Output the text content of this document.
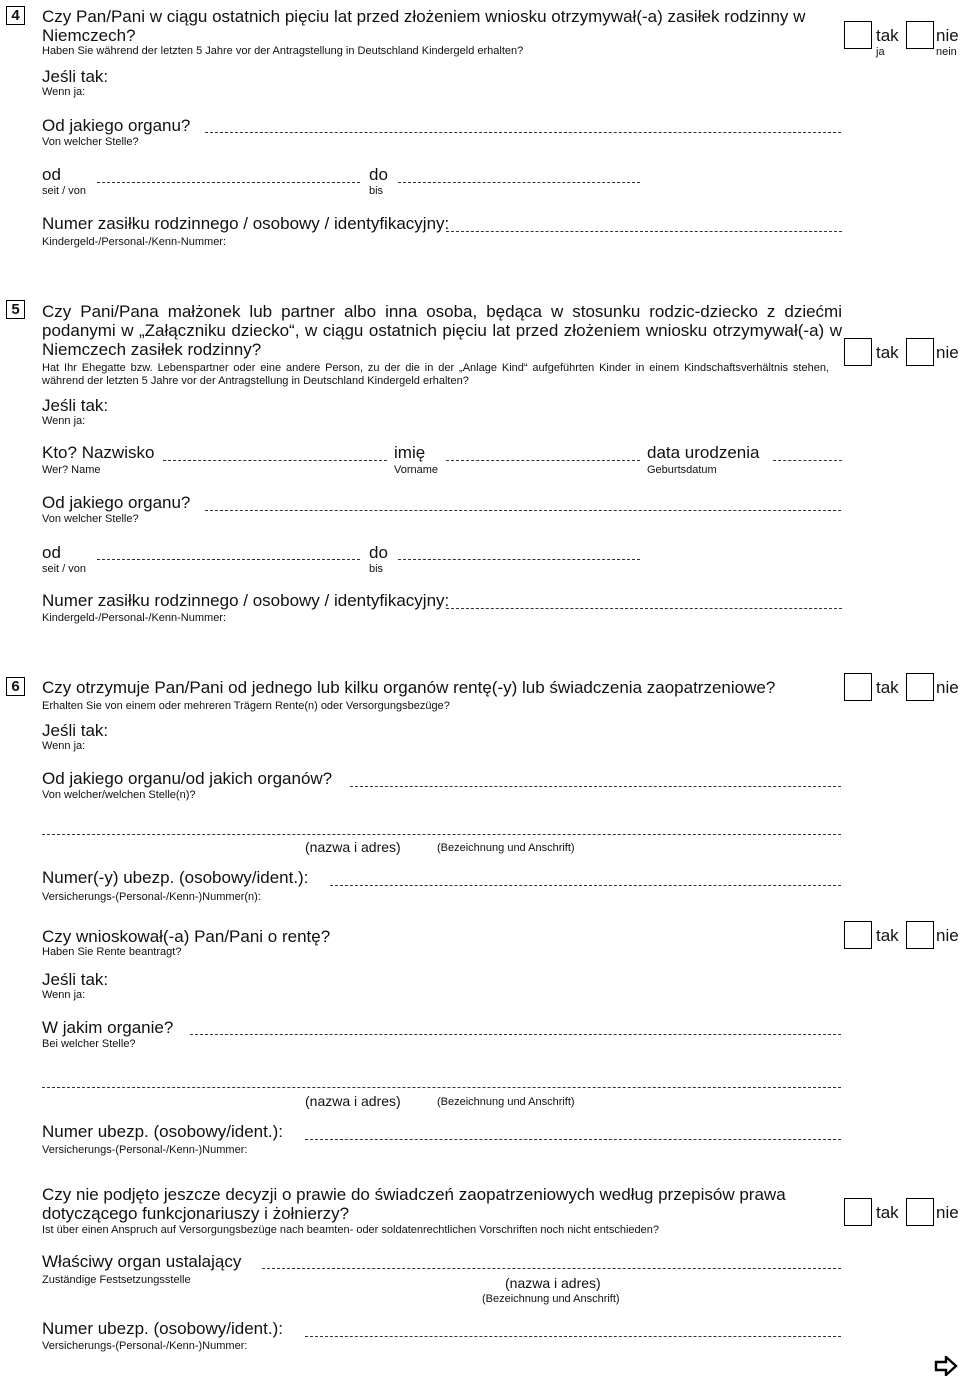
4	Czy Pan/Pani w ciągu ostatnich pięciu lat przed złożeniem wniosku otrzymywał(-a) zasiłek rodzinny w Niemczech?
Haben Sie während der letzten 5 Jahre vor der Antragstellung in Deutschland Kindergeld erhalten?
tak nie
ja	nein
Jeśli tak:
Wenn ja:
Od jakiego organu?
Von welcher Stelle?
od
seit / von
do
bis
Numer zasiłku rodzinnego / osobowy / identyfikacyjny:
Kindergeld-/Personal-/Kenn-Nummer:
5	Czy Pani/Pana małżonek lub partner albo inna osoba, będąca w stosunku rodzic-dziecko z dziećmi podanymi w „Załączniku dziecko“, w ciągu ostatnich pięciu lat przed złożeniem wniosku otrzymywał(-a) w Niemczech zasiłek rodzinny?
Hat Ihr Ehegatte bzw. Lebenspartner oder eine andere Person, zu der die in der „Anlage Kind“ aufgeführten Kinder in einem Kindschaftsverhältnis stehen, während der letzten 5 Jahre vor der Antragstellung in Deutschland Kindergeld erhalten?
tak nie
Jeśli tak:
Wenn ja:
Kto? Nazwisko
Wer? Name
imię
Vorname
data urodzenia
Geburtsdatum
Od jakiego organu?
Von welcher Stelle?
od
seit / von
do
bis
Numer zasiłku rodzinnego / osobowy / identyfikacyjny:
Kindergeld-/Personal-/Kenn-Nummer:
6	Czy otrzymuje Pan/Pani od jednego lub kilku organów rentę(-y) lub świadczenia zaopatrzeniowe?
Erhalten Sie von einem oder mehreren Trägern Rente(n) oder Versorgungsbezüge?
tak nie
Jeśli tak:
Wenn ja:
Od jakiego organu/od jakich organów?
Von welcher/welchen Stelle(n)?
(nazwa i adres)	(Bezeichnung und Anschrift)
Numer(-y) ubezp. (osobowy/ident.):
Versicherungs-(Personal-/Kenn-)Nummer(n):
Czy wnioskował(-a) Pan/Pani o rentę?
Haben Sie Rente beantragt?
tak nie
Jeśli tak:
Wenn ja:
W jakim organie?
Bei welcher Stelle?
(nazwa i adres)	(Bezeichnung und Anschrift)
Numer ubezp. (osobowy/ident.):
Versicherungs-(Personal-/Kenn-)Nummer:
Czy nie podjęto jeszcze decyzji o prawie do świadczeń zaopatrzeniowych według przepisów prawa dotyczącego funkcjonariuszy i żołnierzy?
Ist über einen Anspruch auf Versorgungsbezüge nach beamten- oder soldatenrechtlichen Vorschriften noch nicht entschieden?
tak nie
Właściwy organ ustalający
Zuständige Festsetzungsstelle	(nazwa i adres)
(Bezeichnung und Anschrift)
Numer ubezp. (osobowy/ident.):
Versicherungs-(Personal-/Kenn-)Nummer:
